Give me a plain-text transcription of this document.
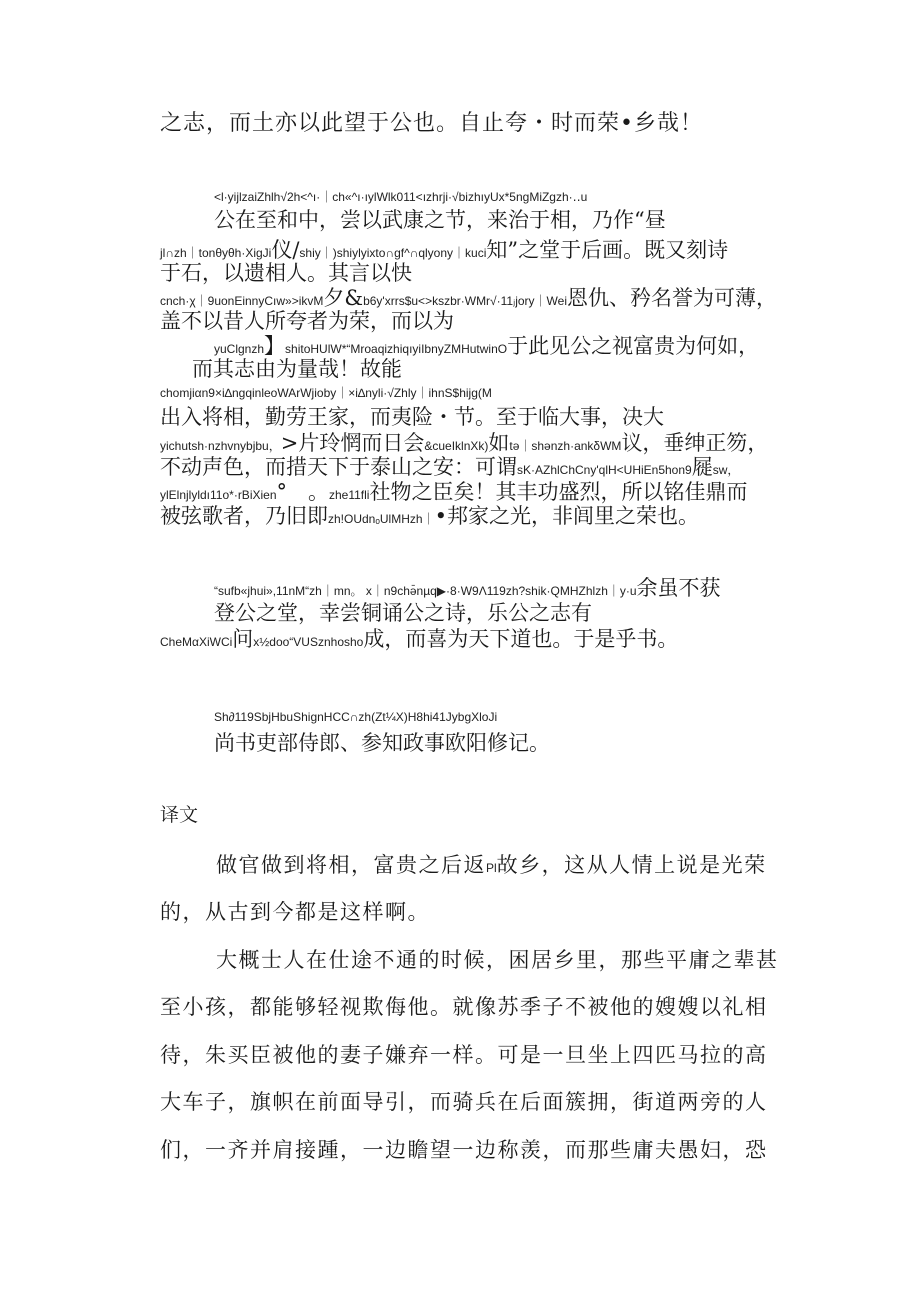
之志，而土亦以此望于公也。自止夸・时而荣•乡哉！
<l·yijlzaiZhlh√2h<^ı·｜ch«^ı·ıylWlk011<ızhrji·√bizhıyUx*5ngMiZgzh·‥u
公在至和中，尝以武康之节，来治于相，乃作“昼
jl∩zh｜tonθyθh·XigJi仪/shiy｜)shiylyixto∩gf^∩qlyony｜kuci知”之堂于后画。既又刻诗
于石，以遗相人。其言以快
cnch·χ｜9uonEinnyCıw»>ikvM夕&b6y'xrrs$u<>kszbr·WMr√·11ⱼjory｜Wei恩仇、矜名誉为可薄，
盖不以昔人所夸者为荣，而以为
yuClgnzh】shitoHUlW*“MroaqizhiqıyiIbnyZMHutwinO于此见公之视富贵为何如，
而其志由为量哉！故能
chomjiαn9×i∆ngqinleoWArWjioby｜×i∆nyli·√Zhly｜ihnS$hijg(M
出入将相，勤劳王家，而夷险・节。至于临大事，决大
yichutsh·nzhvnybjbu，>片玲惘而日会&cueIklnXk)如tə｜shənzh·ankδWM议，垂绅正笏，
不动声色，而措天下于泰山之安：可谓sK·AZhlChCny'qlH<UHiEn5hon9屣sw，
ylElnjlyldı11o*·rBiXien°　。zhe11fli社物之臣矣！其丰功盛烈，所以铭佳鼎而
被弦歌者，乃旧即zh!OUdnₒUlMHzh｜•邦家之光，非闾里之荣也。
“sufb«jhui»,11nM“zh｜mn。 x｜n9chə̄nµq▶·8·W9Λ119zh?shik·QMHZhlzh｜y·u余虽不获
登公之堂，幸尝铜诵公之诗，乐公之志有
CheMαXiWCi问x½doo“VUSznhosho成，而喜为天下道也。于是乎书。
Sh∂119SbjHbuShignHCC∩zh(Zt¼X)H8hi41JybgXloJi
尚书吏部侍郎、参知政事欧阳修记。
译文
做官做到将相，富贵之后返Pl故乡，这从人情上说是光荣
的，从古到今都是这样啊。
大概士人在仕途不通的时候，困居乡里，那些平庸之辈甚
至小孩，都能够轻视欺侮他。就像苏季子不被他的嫂嫂以礼相
待，朱买臣被他的妻子嫌弃一样。可是一旦坐上四匹马拉的高
大车子，旗帜在前面导引，而骑兵在后面簇拥，街道两旁的人
们，一齐并肩接踵，一边瞻望一边称羡，而那些庸夫愚妇，恐
